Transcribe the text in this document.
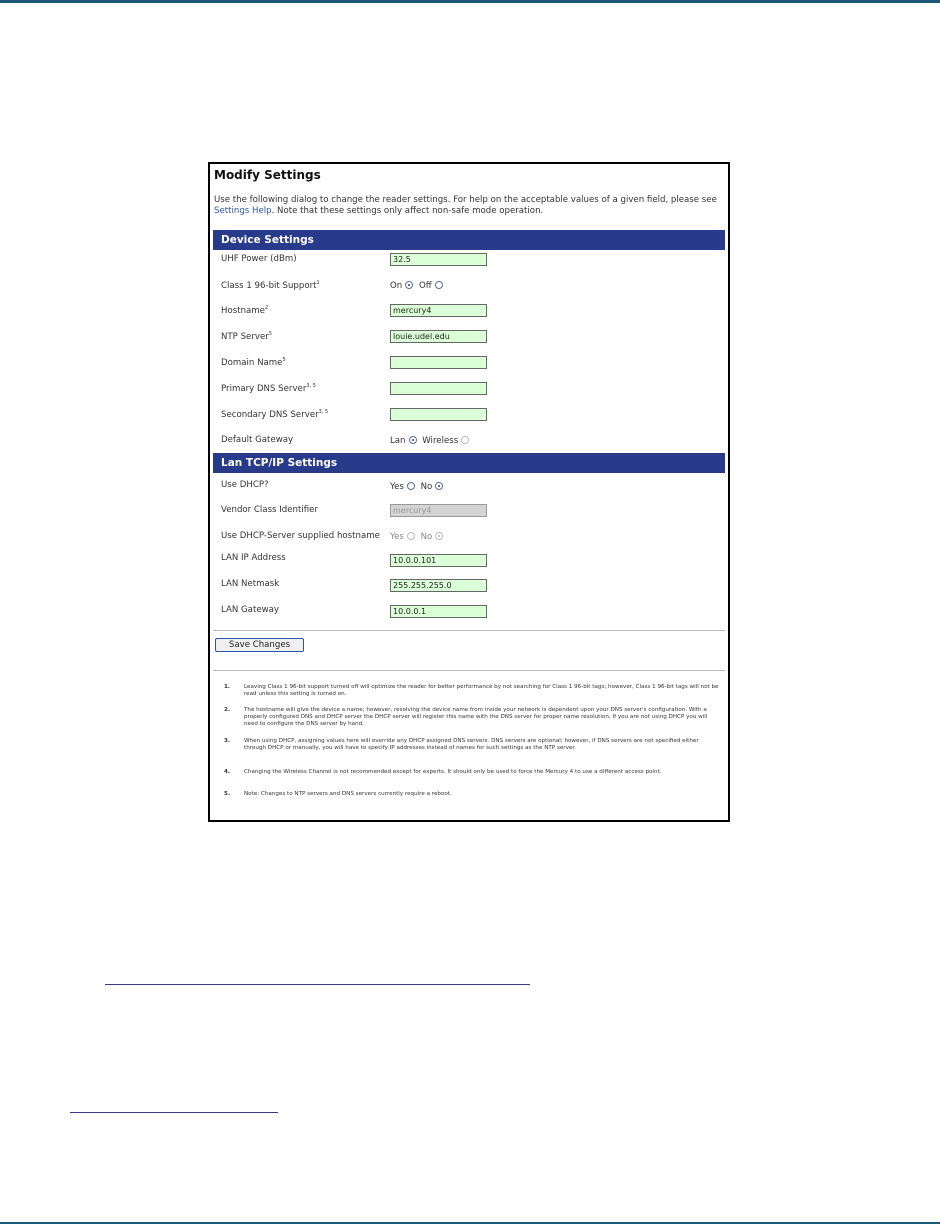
Modify Settings
Use the following dialog to change the reader settings. For help on the acceptable values of a given field, please see Settings Help. Note that these settings only affect non-safe mode operation.
Device Settings
UHF Power (dBm)	32.5
Class 1 96-bit Support$^1$	On Off
Hostname$^2$	mercury4
NTP Server$^5$	louie.udel.edu
Domain Name$^5$
Primary DNS Server$^{3, 5}$
Secondary DNS Server$^{3, 5}$
Default Gateway	Lan Wireless
Lan TCP/IP Settings
Use DHCP?	Yes No
Vendor Class Identifier	mercury4
Use DHCP-Server supplied hostname Yes No
LAN IP Address	10.0.0.101
LAN Netmask	255.255.255.0
LAN Gateway	10.0.0.1
Save Changes
1. Leaving Class 1 96-bit support turned off will optimize the reader for better performance by not searching for Class 1 96-bit tags; however, Class 1 96-bit tags will not be read unless this setting is turned on.
2. The hostname will give the device a name; however, resolving the device name from inside your network is dependent upon your DNS server's configuration. With a properly configured DNS and DHCP server the DHCP server will register this name with the DNS server for proper name resolution. If you are not using DHCP you will need to configure the DNS server by hand.
3. When using DHCP, assigning values here will override any DHCP assigned DNS servers. DNS servers are optional; however, if DNS servers are not specified either through DHCP or manually, you will have to specify IP addresses instead of names for such settings as the NTP server.
4. Changing the Wireless Channel is not recommended except for experts. It should only be used to force the Mercury 4 to use a different access point.
5. Note: Changes to NTP servers and DNS servers currently require a reboot.
